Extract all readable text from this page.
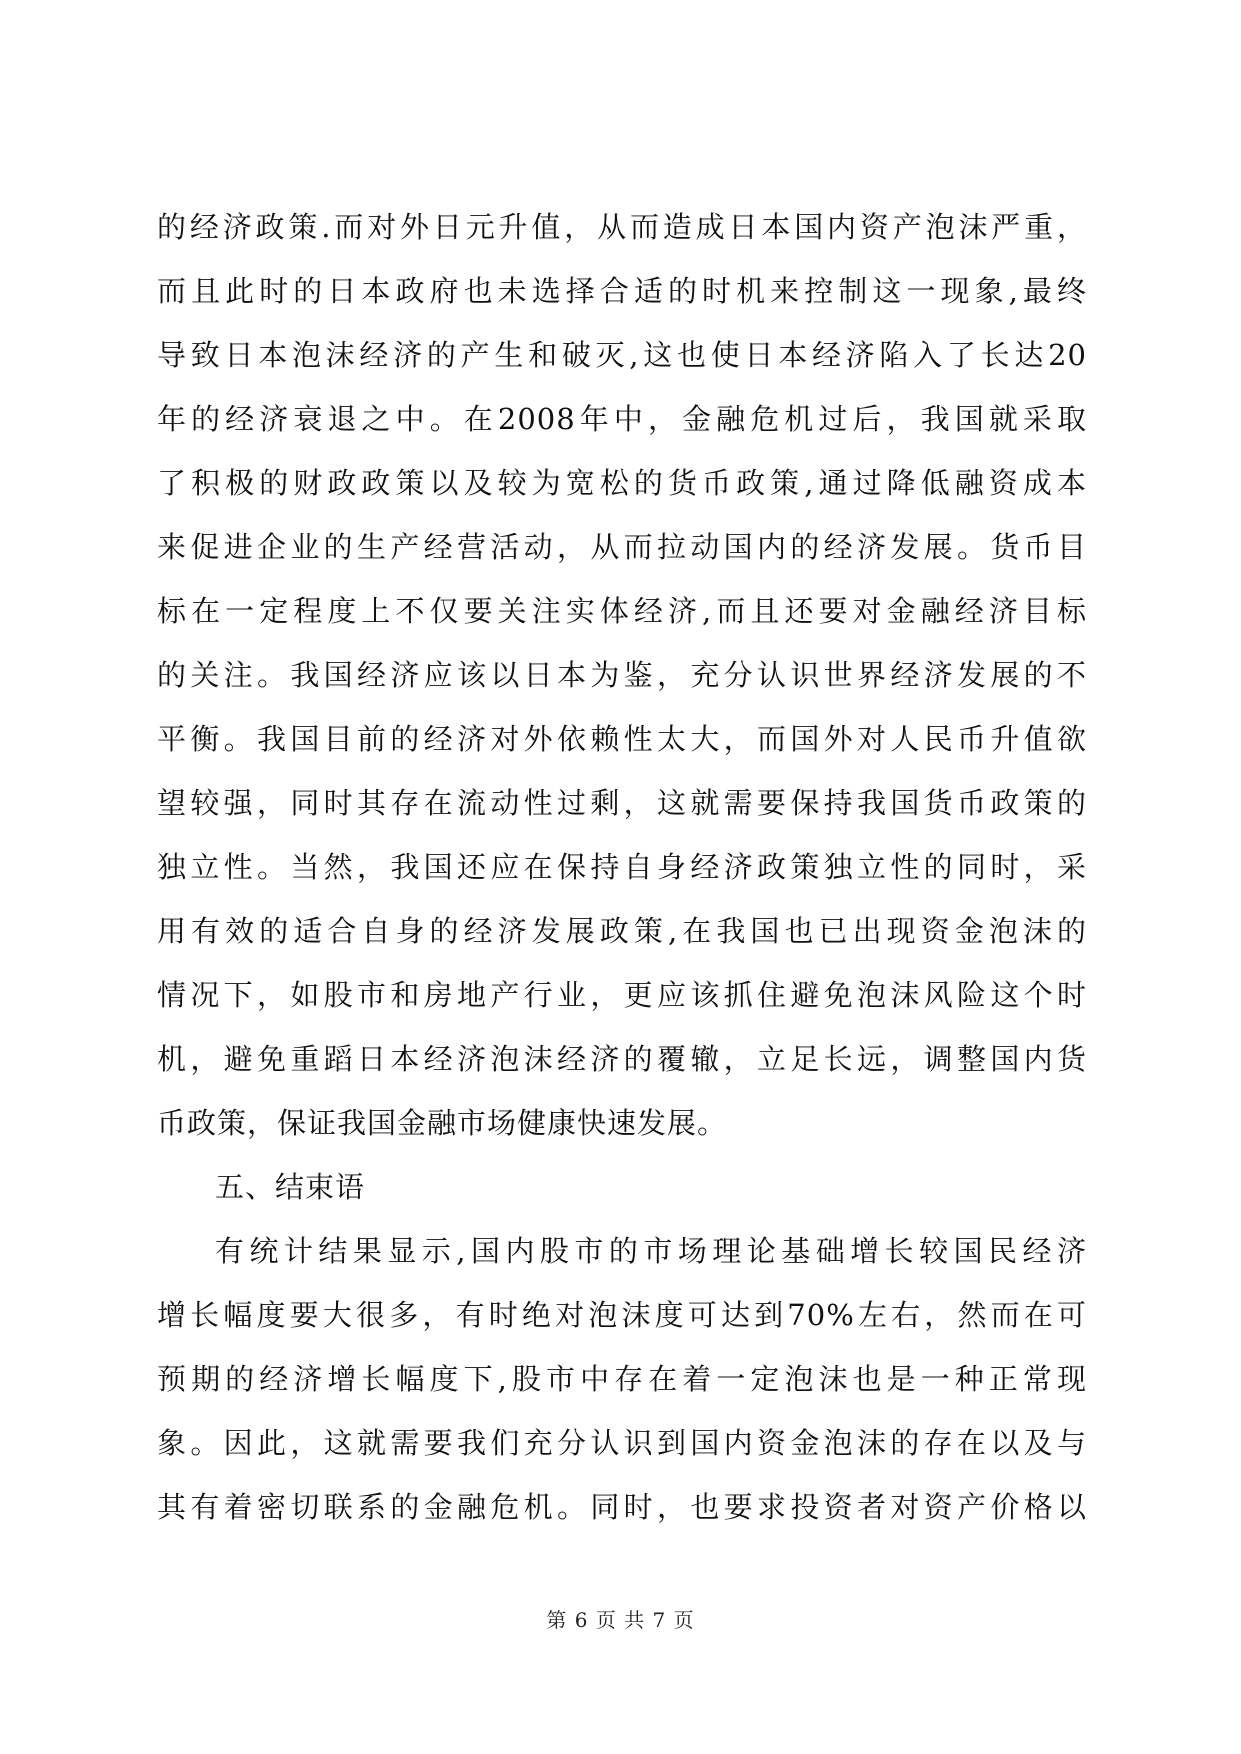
的经济政策.而对外日元升值，从而造成日本国内资产泡沫严重，
而且此时的日本政府也未选择合适的时机来控制这一现象,最终
导致日本泡沫经济的产生和破灭,这也使日本经济陷入了长达20
年的经济衰退之中。在2008年中，金融危机过后，我国就采取
了积极的财政政策以及较为宽松的货币政策,通过降低融资成本
来促进企业的生产经营活动，从而拉动国内的经济发展。货币目
标在一定程度上不仅要关注实体经济,而且还要对金融经济目标
的关注。我国经济应该以日本为鉴，充分认识世界经济发展的不
平衡。我国目前的经济对外依赖性太大，而国外对人民币升值欲
望较强，同时其存在流动性过剩，这就需要保持我国货币政策的
独立性。当然，我国还应在保持自身经济政策独立性的同时，采
用有效的适合自身的经济发展政策,在我国也已出现资金泡沫的
情况下，如股市和房地产行业，更应该抓住避免泡沫风险这个时
机，避免重蹈日本经济泡沫经济的覆辙，立足长远，调整国内货
币政策，保证我国金融市场健康快速发展。
五、结束语
有统计结果显示,国内股市的市场理论基础增长较国民经济
增长幅度要大很多，有时绝对泡沫度可达到70%左右，然而在可
预期的经济增长幅度下,股市中存在着一定泡沫也是一种正常现
象。因此，这就需要我们充分认识到国内资金泡沫的存在以及与
其有着密切联系的金融危机。同时，也要求投资者对资产价格以
第 6 页 共 7 页
